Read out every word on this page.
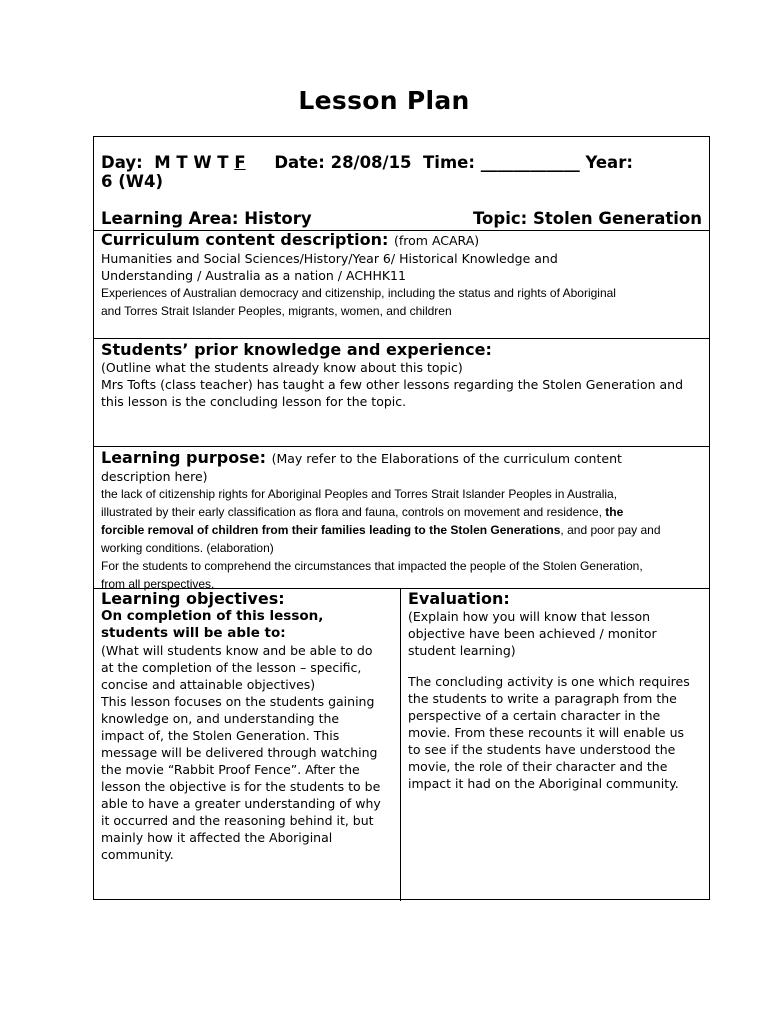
Lesson Plan
Day: M T W T F Date: 28/08/15 Time: ____________ Year:
6 (W4)
Learning Area: History	Topic: Stolen Generation
Curriculum content description: (from ACARA)
Humanities and Social Sciences/History/Year 6/ Historical Knowledge and
Understanding / Australia as a nation / ACHHK11
Experiences of Australian democracy and citizenship, including the status and rights of Aboriginal
and Torres Strait Islander Peoples, migrants, women, and children
Students’ prior knowledge and experience:
(Outline what the students already know about this topic)
Mrs Tofts (class teacher) has taught a few other lessons regarding the Stolen Generation and
this lesson is the concluding lesson for the topic.
Learning purpose: (May refer to the Elaborations of the curriculum content
description here)
the lack of citizenship rights for Aboriginal Peoples and Torres Strait Islander Peoples in Australia,
illustrated by their early classification as flora and fauna, controls on movement and residence, the
forcible removal of children from their families leading to the Stolen Generations, and poor pay and
working conditions. (elaboration)
For the students to comprehend the circumstances that impacted the people of the Stolen Generation,
from all perspectives.
Learning objectives:
On completion of this lesson,
students will be able to:
(What will students know and be able to do
at the completion of the lesson – specific,
concise and attainable objectives)
This lesson focuses on the students gaining
knowledge on, and understanding the
impact of, the Stolen Generation. This
message will be delivered through watching
the movie “Rabbit Proof Fence”. After the
lesson the objective is for the students to be
able to have a greater understanding of why
it occurred and the reasoning behind it, but
mainly how it affected the Aboriginal
community.
Evaluation:
(Explain how you will know that lesson
objective have been achieved / monitor
student learning)
The concluding activity is one which requires
the students to write a paragraph from the
perspective of a certain character in the
movie. From these recounts it will enable us
to see if the students have understood the
movie, the role of their character and the
impact it had on the Aboriginal community.
